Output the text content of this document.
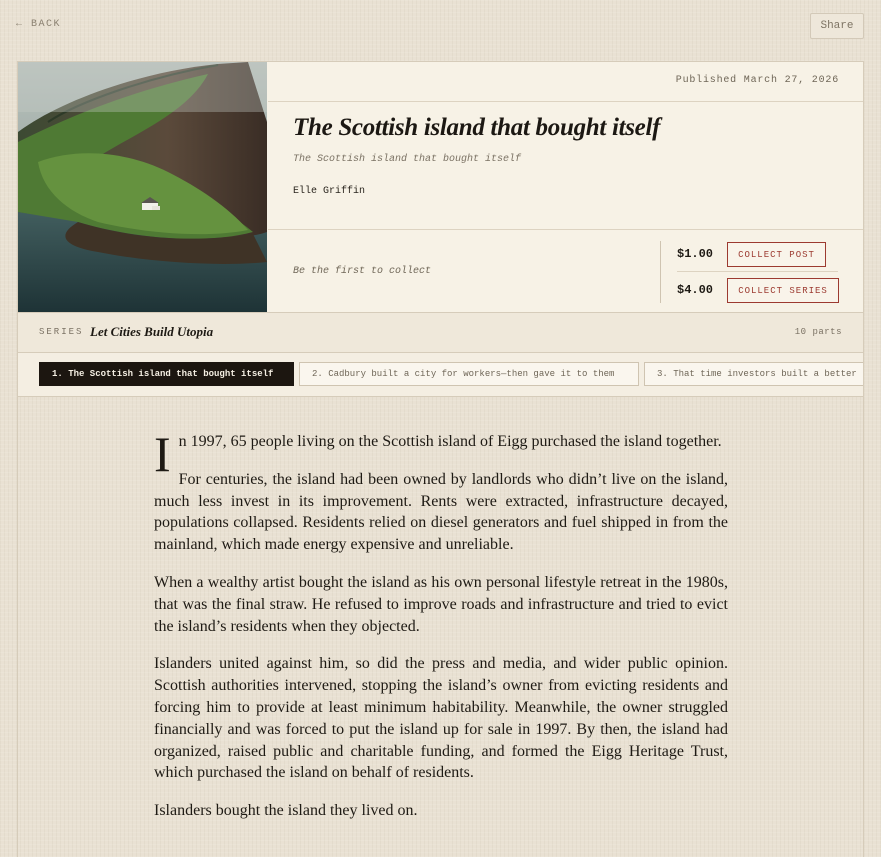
← BACK	Share
Published March 27, 2026
The Scottish island that bought itself
The Scottish island that bought itself
Elle Griffin
Be the first to collect
$1.00	COLLECT POST
$4.00	COLLECT SERIES
SERIES Let Cities Build Utopia	10 parts
1. The Scottish island that bought itself	2. Cadbury built a city for workers—then gave it to them	3. That time investors built a better

In 1997, 65 people living on the Scottish island of Eigg purchased the island together.

For centuries, the island had been owned by landlords who didn’t live on the island, much less invest in its improvement. Rents were extracted, infrastructure decayed, populations collapsed. Residents relied on diesel generators and fuel shipped in from the mainland, which made energy expensive and unreliable.

When a wealthy artist bought the island as his own personal lifestyle retreat in the 1980s, that was the final straw. He refused to improve roads and infrastructure and tried to evict the island’s residents when they objected.

Islanders united against him, so did the press and media, and wider public opinion. Scottish authorities intervened, stopping the island’s owner from evicting residents and forcing him to provide at least minimum habitability. Meanwhile, the owner struggled financially and was forced to put the island up for sale in 1997. By then, the island had organized, raised public and charitable funding, and formed the Eigg Heritage Trust, which purchased the island on behalf of residents.

Islanders bought the island they lived on.
